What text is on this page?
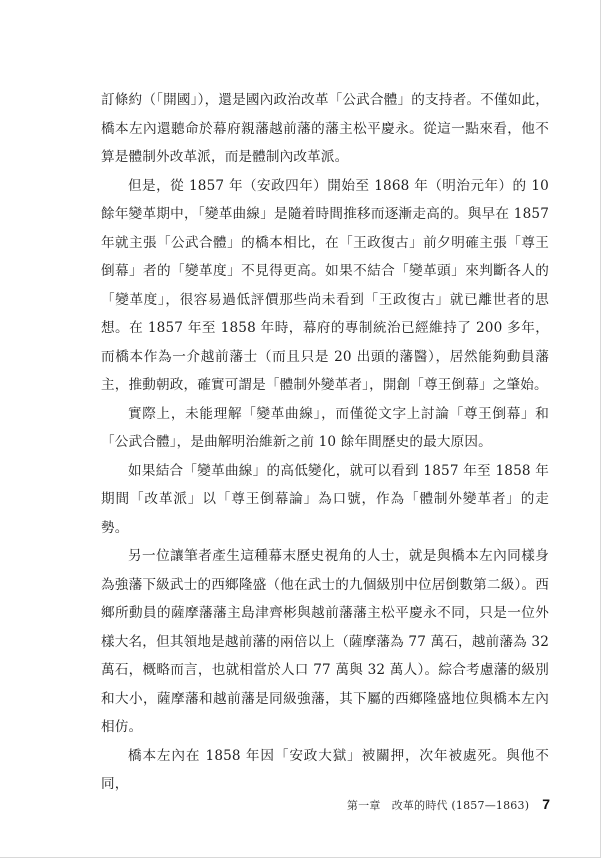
訂條約（「開國」），還是國內政治改革「公武合體」的支持者。不僅如此，橋本左內還聽命於幕府親藩越前藩的藩主松平慶永。從這一點來看，他不算是體制外改革派，而是體制內改革派。

但是，從 1857 年（安政四年）開始至 1868 年（明治元年）的 10 餘年變革期中，「變革曲線」是隨着時間推移而逐漸走高的。與早在 1857 年就主張「公武合體」的橋本相比，在「王政復古」前夕明確主張「尊王倒幕」者的「變革度」不見得更高。如果不結合「變革頭」來判斷各人的「變革度」，很容易過低評價那些尚未看到「王政復古」就已離世者的思想。在 1857 年至 1858 年時，幕府的專制統治已經維持了 200 多年，而橋本作為一介越前藩士（而且只是 20 出頭的藩醫），居然能夠動員藩主，推動朝政，確實可謂是「體制外變革者」，開創「尊王倒幕」之肇始。

實際上，未能理解「變革曲線」，而僅從文字上討論「尊王倒幕」和「公武合體」，是曲解明治維新之前 10 餘年間歷史的最大原因。

如果結合「變革曲線」的高低變化，就可以看到 1857 年至 1858 年期間「改革派」以「尊王倒幕論」為口號，作為「體制外變革者」的走勢。

另一位讓筆者產生這種幕末歷史視角的人士，就是與橋本左內同樣身為強藩下級武士的西鄉隆盛（他在武士的九個級別中位居倒數第二級）。西鄉所動員的薩摩藩藩主島津齊彬與越前藩藩主松平慶永不同，只是一位外樣大名，但其領地是越前藩的兩倍以上（薩摩藩為 77 萬石，越前藩為 32 萬石，概略而言，也就相當於人口 77 萬與 32 萬人）。綜合考慮藩的級別和大小，薩摩藩和越前藩是同級強藩，其下屬的西鄉隆盛地位與橋本左內相仿。

橋本左內在 1858 年因「安政大獄」被關押，次年被處死。與他不同，

第一章　改革的時代 (1857—1863) 7
